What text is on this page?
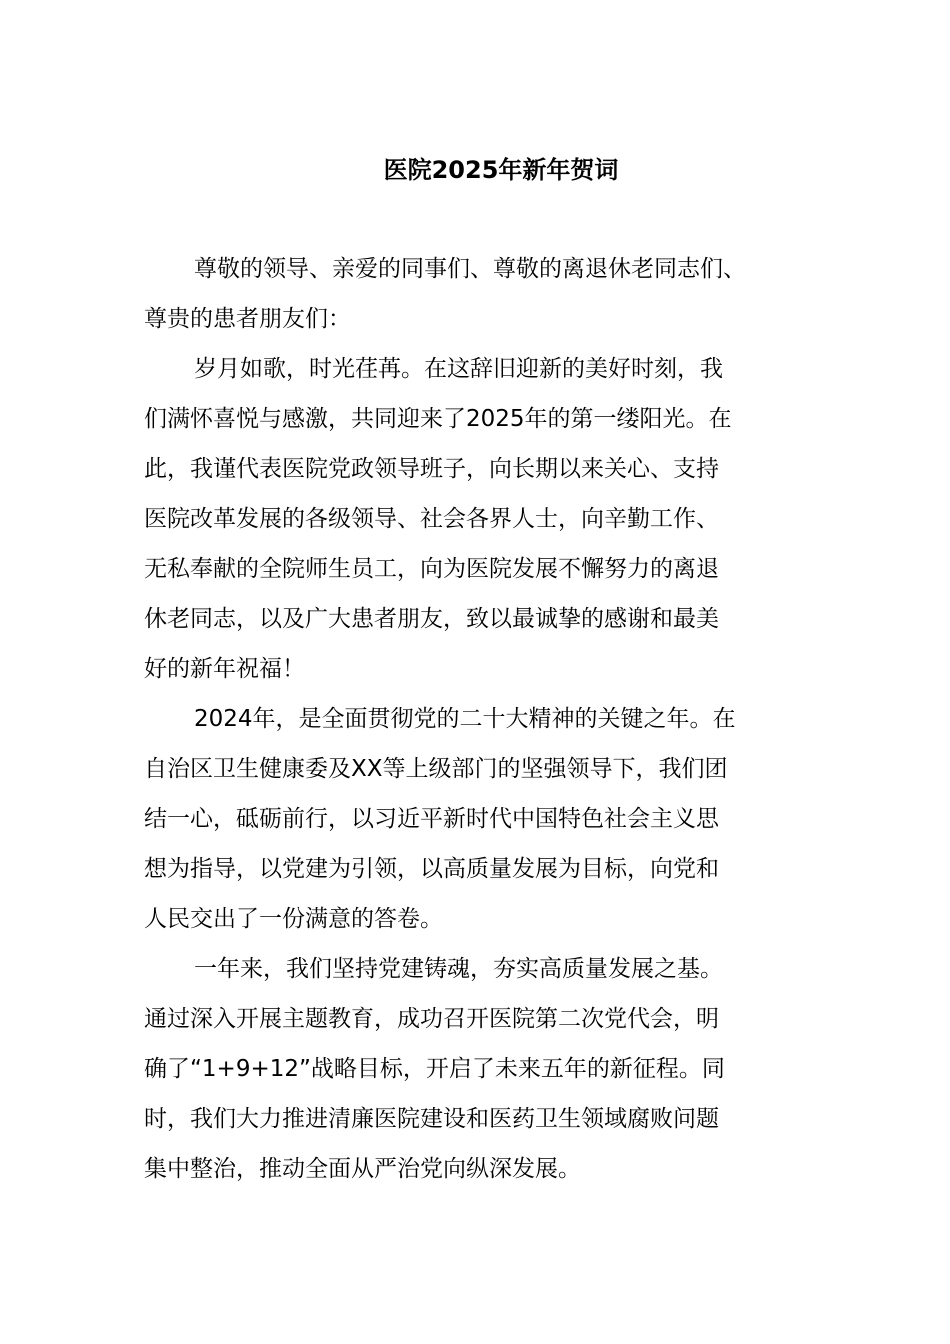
医院2025年新年贺词
尊敬的领导、亲爱的同事们、尊敬的离退休老同志们、
尊贵的患者朋友们：
岁月如歌，时光荏苒。在这辞旧迎新的美好时刻，我
们满怀喜悦与感激，共同迎来了2025年的第一缕阳光。在
此，我谨代表医院党政领导班子，向长期以来关心、支持
医院改革发展的各级领导、社会各界人士，向辛勤工作、
无私奉献的全院师生员工，向为医院发展不懈努力的离退
休老同志，以及广大患者朋友，致以最诚挚的感谢和最美
好的新年祝福！
2024年，是全面贯彻党的二十大精神的关键之年。在
自治区卫生健康委及XX等上级部门的坚强领导下，我们团
结一心，砥砺前行，以习近平新时代中国特色社会主义思
想为指导，以党建为引领，以高质量发展为目标，向党和
人民交出了一份满意的答卷。
一年来，我们坚持党建铸魂，夯实高质量发展之基。
通过深入开展主题教育，成功召开医院第二次党代会，明
确了“1+9+12”战略目标，开启了未来五年的新征程。同
时，我们大力推进清廉医院建设和医药卫生领域腐败问题
集中整治，推动全面从严治党向纵深发展。
